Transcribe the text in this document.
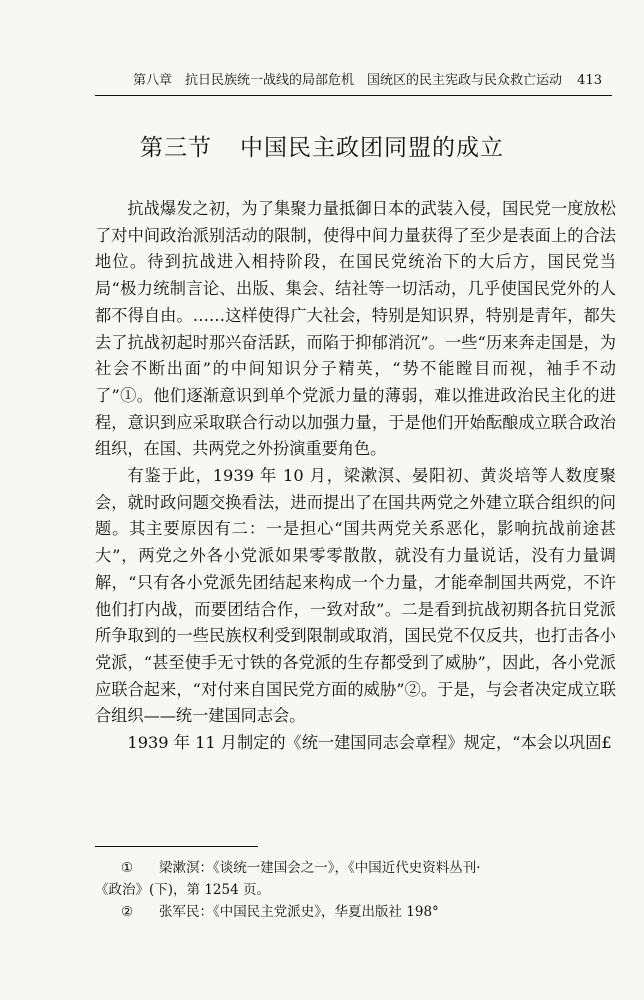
第八章　抗日民族统一战线的局部危机　国统区的民主宪政与民众救亡运动 413
第三节 中国民主政团同盟的成立

抗战爆发之初，为了集聚力量抵御日本的武装入侵，国民党一度放松了对中间政治派别活动的限制，使得中间力量获得了至少是表面上的合法地位。待到抗战进入相持阶段，在国民党统治下的大后方，国民党当局“极力统制言论、出版、集会、结社等一切活动，几乎使国民党外的人都不得自由。……这样使得广大社会，特别是知识界，特别是青年，都失去了抗战初起时那兴奋活跃，而陷于抑郁消沉”。一些“历来奔走国是，为社会不断出面”的中间知识分子精英，“势不能瞠目而视，袖手不动了”①。他们逐渐意识到单个党派力量的薄弱，难以推进政治民主化的进程，意识到应采取联合行动以加强力量，于是他们开始酝酿成立联合政治组织，在国、共两党之外扮演重要角色。

有鉴于此，1939 年 10 月，梁漱溟、晏阳初、黄炎培等人数度聚会，就时政问题交换看法，进而提出了在国共两党之外建立联合组织的问题。其主要原因有二：一是担心“国共两党关系恶化，影响抗战前途甚大”，两党之外各小党派如果零零散散，就没有力量说话，没有力量调解，“只有各小党派先团结起来构成一个力量，才能牵制国共两党，不许他们打内战，而要团结合作，一致对敌”。二是看到抗战初期各抗日党派所争取到的一些民族权利受到限制或取消，国民党不仅反共，也打击各小党派，“甚至使手无寸铁的各党派的生存都受到了威胁”，因此，各小党派应联合起来，“对付来自国民党方面的威胁”②。于是，与会者决定成立联合组织——统一建国同志会。

1939 年 11 月制定的《统一建国同志会章程》规定，“本会以巩固£

① 梁漱溟：《谈统一建国会之一》，《中国近代史资料丛刊·

《政治》(下)，第 1254 页。

② 张军民：《中国民主党派史》，华夏出版社 198°
